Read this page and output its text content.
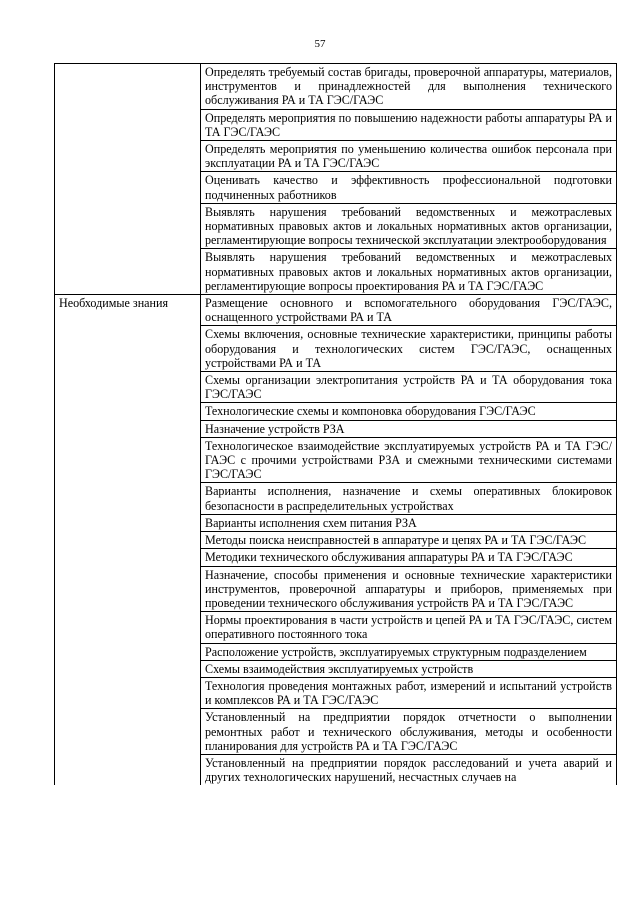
57
	Определять требуемый состав бригады, проверочной аппаратуры, материалов, инструментов и принадлежностей для выполнения технического обслуживания РА и ТА ГЭС/ГАЭС
	Определять мероприятия по повышению надежности работы аппаратуры РА и ТА ГЭС/ГАЭС
	Определять мероприятия по уменьшению количества ошибок персонала при эксплуатации РА и ТА ГЭС/ГАЭС
	Оценивать качество и эффективность профессиональной подготовки подчиненных работников
	Выявлять нарушения требований ведомственных и межотраслевых нормативных правовых актов и локальных нормативных актов организации, регламентирующие вопросы технической эксплуатации электрооборудования
	Выявлять нарушения требований ведомственных и межотраслевых нормативных правовых актов и локальных нормативных актов организации, регламентирующие вопросы проектирования РА и ТА ГЭС/ГАЭС
Необходимые знания	Размещение основного и вспомогательного оборудования ГЭС/ГАЭС, оснащенного устройствами РА и ТА
	Схемы включения, основные технические характеристики, принципы работы оборудования и технологических систем ГЭС/ГАЭС, оснащенных устройствами РА и ТА
	Схемы организации электропитания устройств РА и ТА оборудования тока ГЭС/ГАЭС
	Технологические схемы и компоновка оборудования ГЭС/ГАЭС
	Назначение устройств РЗА
	Технологическое взаимодействие эксплуатируемых устройств РА и ТА ГЭС/ГАЭС с прочими устройствами РЗА и смежными техническими системами ГЭС/ГАЭС
	Варианты исполнения, назначение и схемы оперативных блокировок безопасности в распределительных устройствах
	Варианты исполнения схем питания РЗА
	Методы поиска неисправностей в аппаратуре и цепях РА и ТА ГЭС/ГАЭС
	Методики технического обслуживания аппаратуры РА и ТА ГЭС/ГАЭС
	Назначение, способы применения и основные технические характеристики инструментов, проверочной аппаратуры и приборов, применяемых при проведении технического обслуживания устройств РА и ТА ГЭС/ГАЭС
	Нормы проектирования в части устройств и цепей РА и ТА ГЭС/ГАЭС, систем оперативного постоянного тока
	Расположение устройств, эксплуатируемых структурным подразделением
	Схемы взаимодействия эксплуатируемых устройств
	Технология проведения монтажных работ, измерений и испытаний устройств и комплексов РА и ТА ГЭС/ГАЭС
	Установленный на предприятии порядок отчетности о выполнении ремонтных работ и технического обслуживания, методы и особенности планирования для устройств РА и ТА ГЭС/ГАЭС
	Установленный на предприятии порядок расследований и учета аварий и других технологических нарушений, несчастных случаев на
